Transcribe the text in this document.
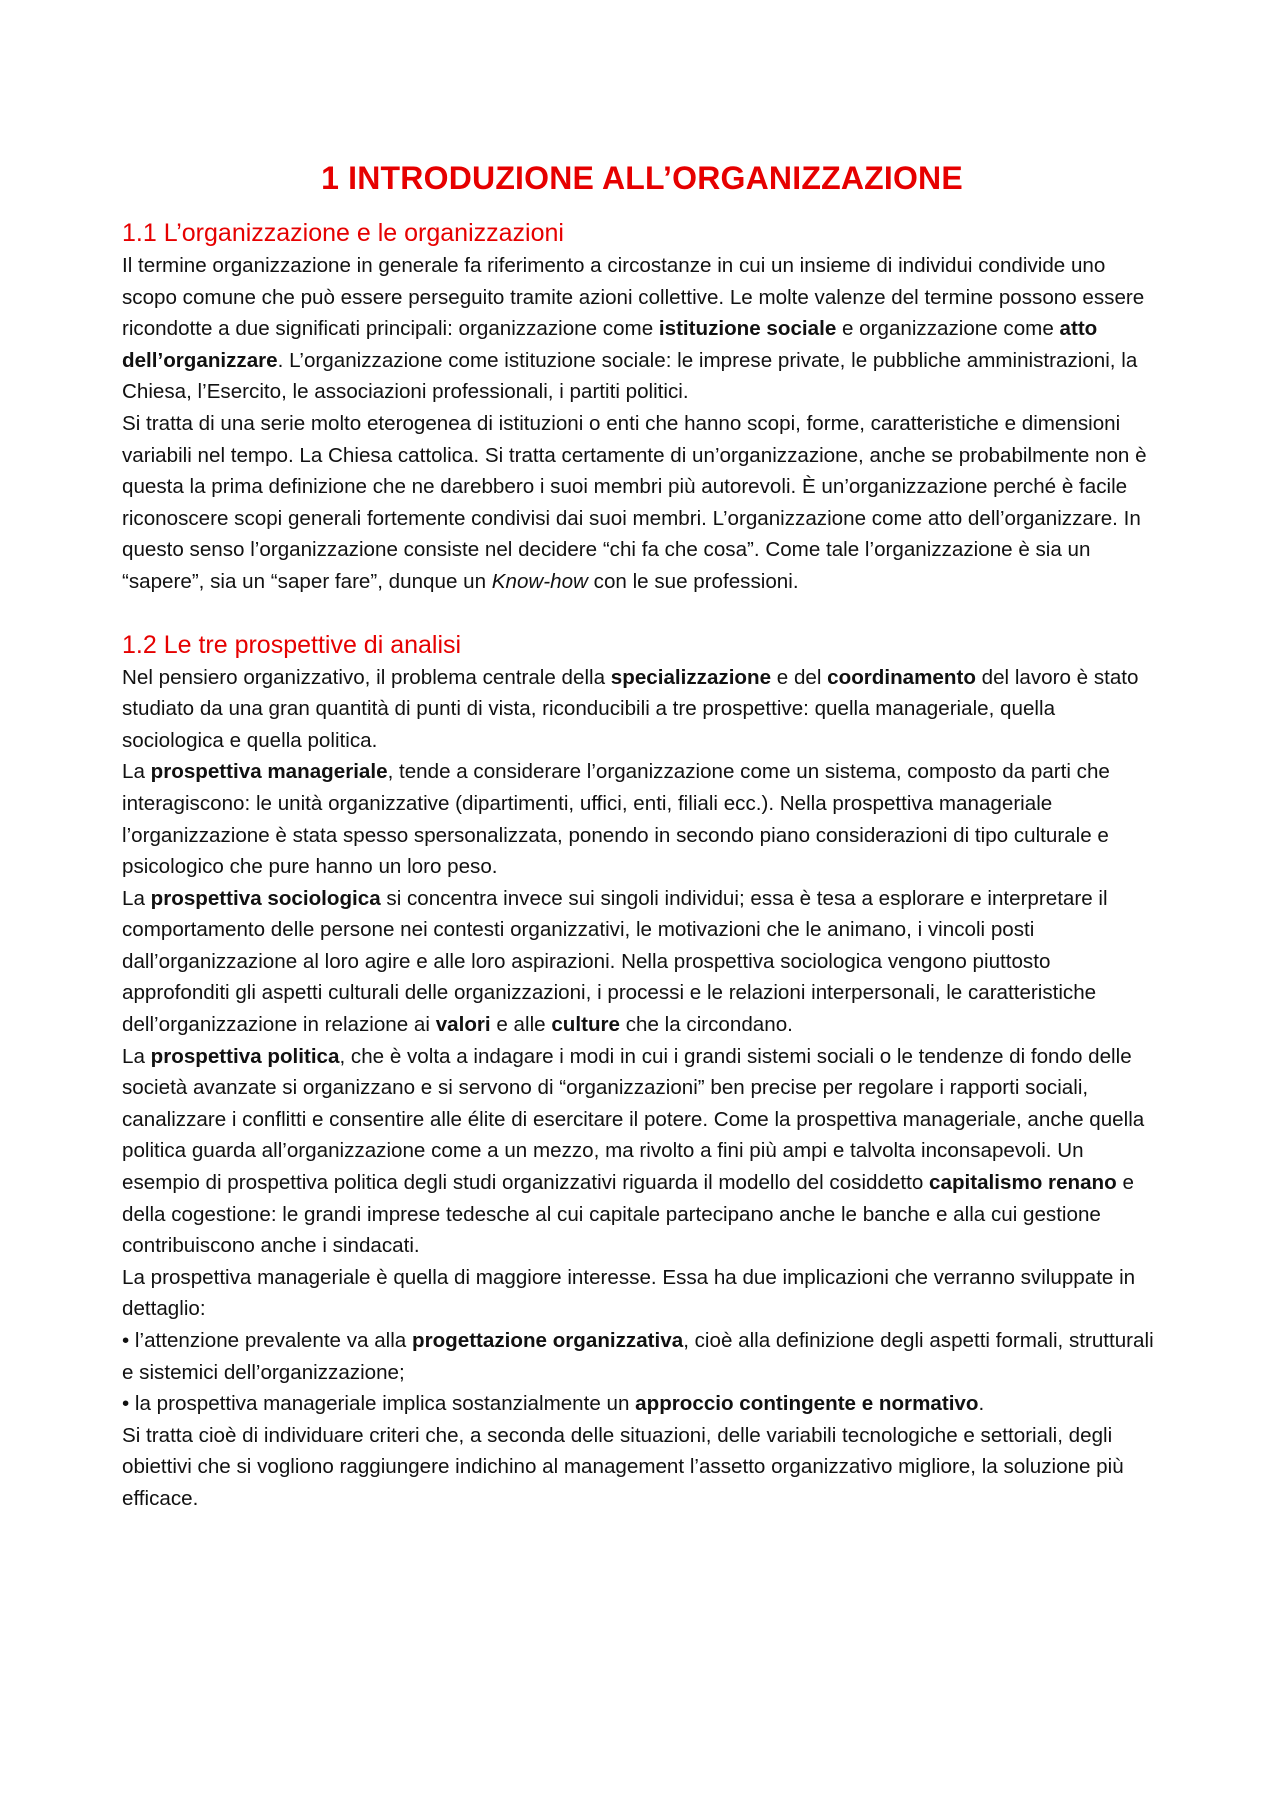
1 INTRODUZIONE ALL’ORGANIZZAZIONE
1.1 L’organizzazione e le organizzazioni

Il termine organizzazione in generale fa riferimento a circostanze in cui un insieme di individui condivide uno scopo comune che può essere perseguito tramite azioni collettive. Le molte valenze del termine possono essere ricondotte a due significati principali: organizzazione come istituzione sociale e organizzazione come atto dell’organizzare. L’organizzazione come istituzione sociale: le imprese private, le pubbliche amministrazioni, la Chiesa, l’Esercito, le associazioni professionali, i partiti politici.

Si tratta di una serie molto eterogenea di istituzioni o enti che hanno scopi, forme, caratteristiche e dimensioni variabili nel tempo. La Chiesa cattolica. Si tratta certamente di un’organizzazione, anche se probabilmente non è questa la prima definizione che ne darebbero i suoi membri più autorevoli. È un’organizzazione perché è facile riconoscere scopi generali fortemente condivisi dai suoi membri. L’organizzazione come atto dell’organizzare. In questo senso l’organizzazione consiste nel decidere “chi fa che cosa”. Come tale l’organizzazione è sia un “sapere”, sia un “saper fare”, dunque un Know-how con le sue professioni.

1.2 Le tre prospettive di analisi

Nel pensiero organizzativo, il problema centrale della specializzazione e del coordinamento del lavoro è stato studiato da una gran quantità di punti di vista, riconducibili a tre prospettive: quella manageriale, quella sociologica e quella politica.

La prospettiva manageriale, tende a considerare l’organizzazione come un sistema, composto da parti che interagiscono: le unità organizzative (dipartimenti, uffici, enti, filiali ecc.). Nella prospettiva manageriale l’organizzazione è stata spesso spersonalizzata, ponendo in secondo piano considerazioni di tipo culturale e psicologico che pure hanno un loro peso.

La prospettiva sociologica si concentra invece sui singoli individui; essa è tesa a esplorare e interpretare il comportamento delle persone nei contesti organizzativi, le motivazioni che le animano, i vincoli posti dall’organizzazione al loro agire e alle loro aspirazioni. Nella prospettiva sociologica vengono piuttosto approfonditi gli aspetti culturali delle organizzazioni, i processi e le relazioni interpersonali, le caratteristiche dell’organizzazione in relazione ai valori e alle culture che la circondano.

La prospettiva politica, che è volta a indagare i modi in cui i grandi sistemi sociali o le tendenze di fondo delle società avanzate si organizzano e si servono di “organizzazioni” ben precise per regolare i rapporti sociali, canalizzare i conflitti e consentire alle élite di esercitare il potere. Come la prospettiva manageriale, anche quella politica guarda all’organizzazione come a un mezzo, ma rivolto a fini più ampi e talvolta inconsapevoli. Un esempio di prospettiva politica degli studi organizzativi riguarda il modello del cosiddetto capitalismo renano e della cogestione: le grandi imprese tedesche al cui capitale partecipano anche le banche e alla cui gestione contribuiscono anche i sindacati.

La prospettiva manageriale è quella di maggiore interesse. Essa ha due implicazioni che verranno sviluppate in dettaglio:

• l’attenzione prevalente va alla progettazione organizzativa, cioè alla definizione degli aspetti formali, strutturali e sistemici dell’organizzazione;

• la prospettiva manageriale implica sostanzialmente un approccio contingente e normativo.

Si tratta cioè di individuare criteri che, a seconda delle situazioni, delle variabili tecnologiche e settoriali, degli obiettivi che si vogliono raggiungere indichino al management l’assetto organizzativo migliore, la soluzione più efficace.
